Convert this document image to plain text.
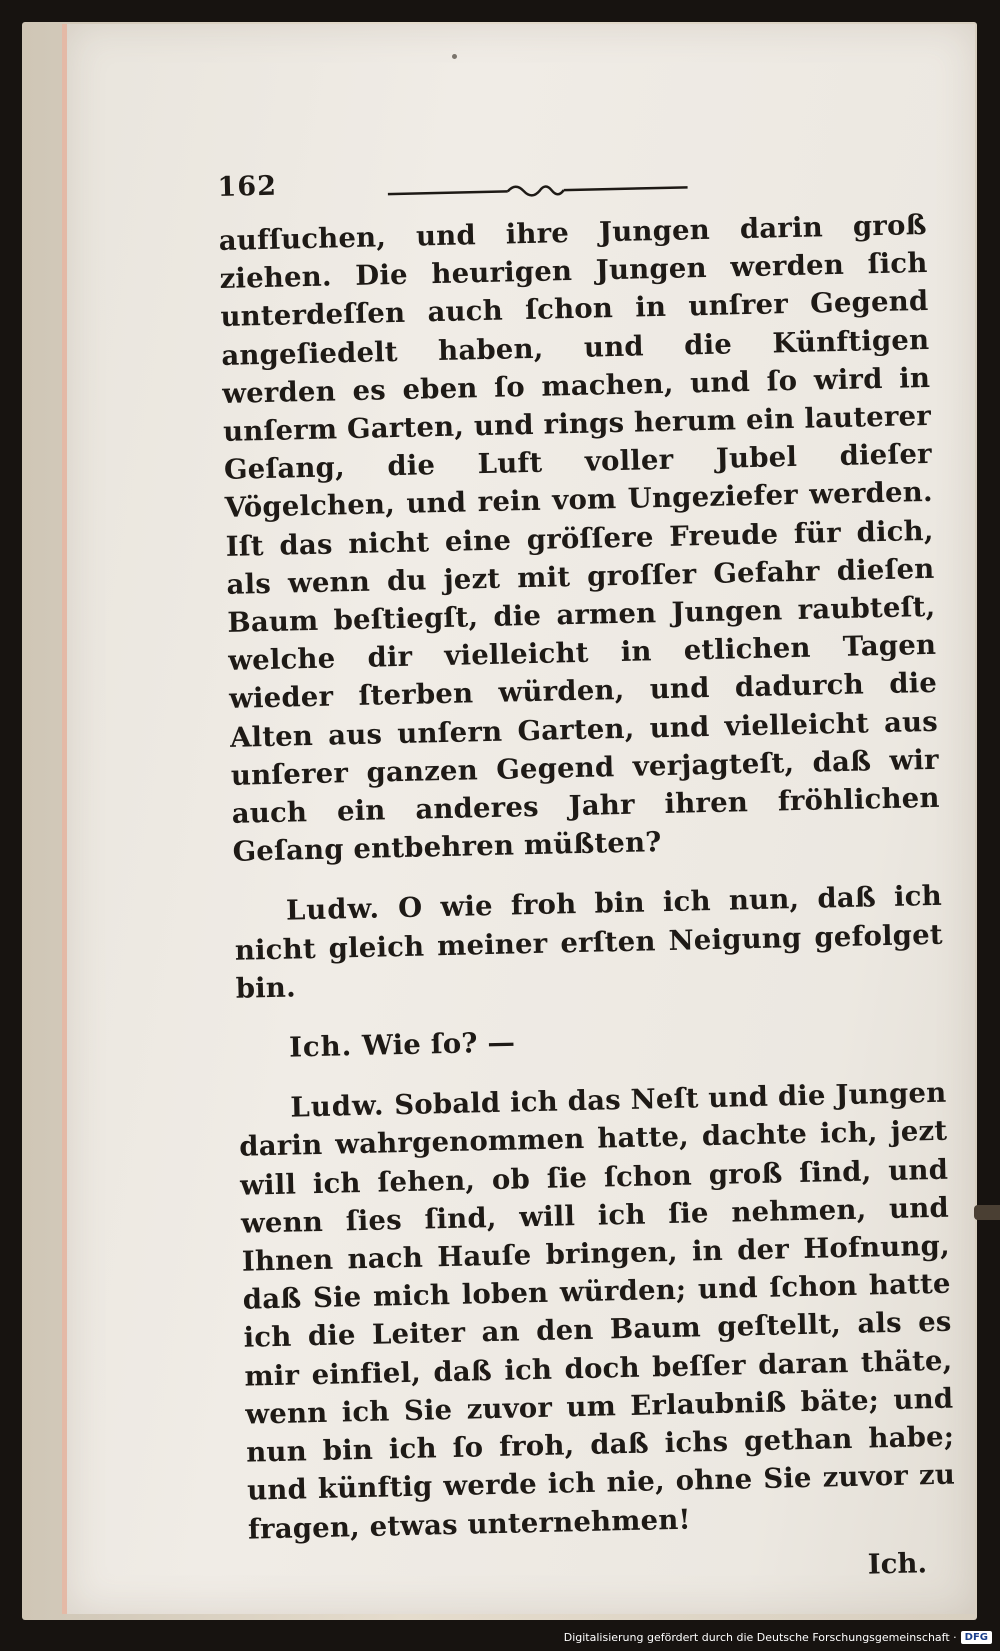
162

aufſuchen, und ihre Jungen darin groß ziehen. Die heurigen Jungen werden ſich unterdeſſen auch ſchon in unſrer Gegend angeſiedelt haben, und die Künftigen werden es eben ſo machen, und ſo wird in unſerm Garten, und rings herum ein lauterer Geſang, die Luft voller Jubel dieſer Vögelchen, und rein vom Ungeziefer werden. Iſt das nicht eine gröſſere Freude für dich, als wenn du jezt mit groſſer Gefahr dieſen Baum beſtiegſt, die armen Jungen raubteſt, welche dir vielleicht in etlichen Tagen wieder ſterben würden, und dadurch die Alten aus unſern Garten, und vielleicht aus unſerer ganzen Gegend verjagteſt, daß wir auch ein anderes Jahr ihren fröhlichen Geſang entbehren müßten?

Ludw. O wie froh bin ich nun, daß ich nicht gleich meiner erſten Neigung gefolget bin.

Ich. Wie ſo? —

Ludw. Sobald ich das Neſt und die Jungen darin wahrgenommen hatte, dachte ich, jezt will ich ſehen, ob ſie ſchon groß ſind, und wenn ſies ſind, will ich ſie nehmen, und Ihnen nach Hauſe bringen, in der Hofnung, daß Sie mich loben würden; und ſchon hatte ich die Leiter an den Baum geſtellt, als es mir einfiel, daß ich doch beſſer daran thäte, wenn ich Sie zuvor um Erlaubniß bäte; und nun bin ich ſo froh, daß ichs gethan habe; und künftig werde ich nie, ohne Sie zuvor zu fragen, etwas unternehmen!

Ich.
Digitalisierung gefördert durch die Deutsche Forschungsgemeinschaft · DFG
